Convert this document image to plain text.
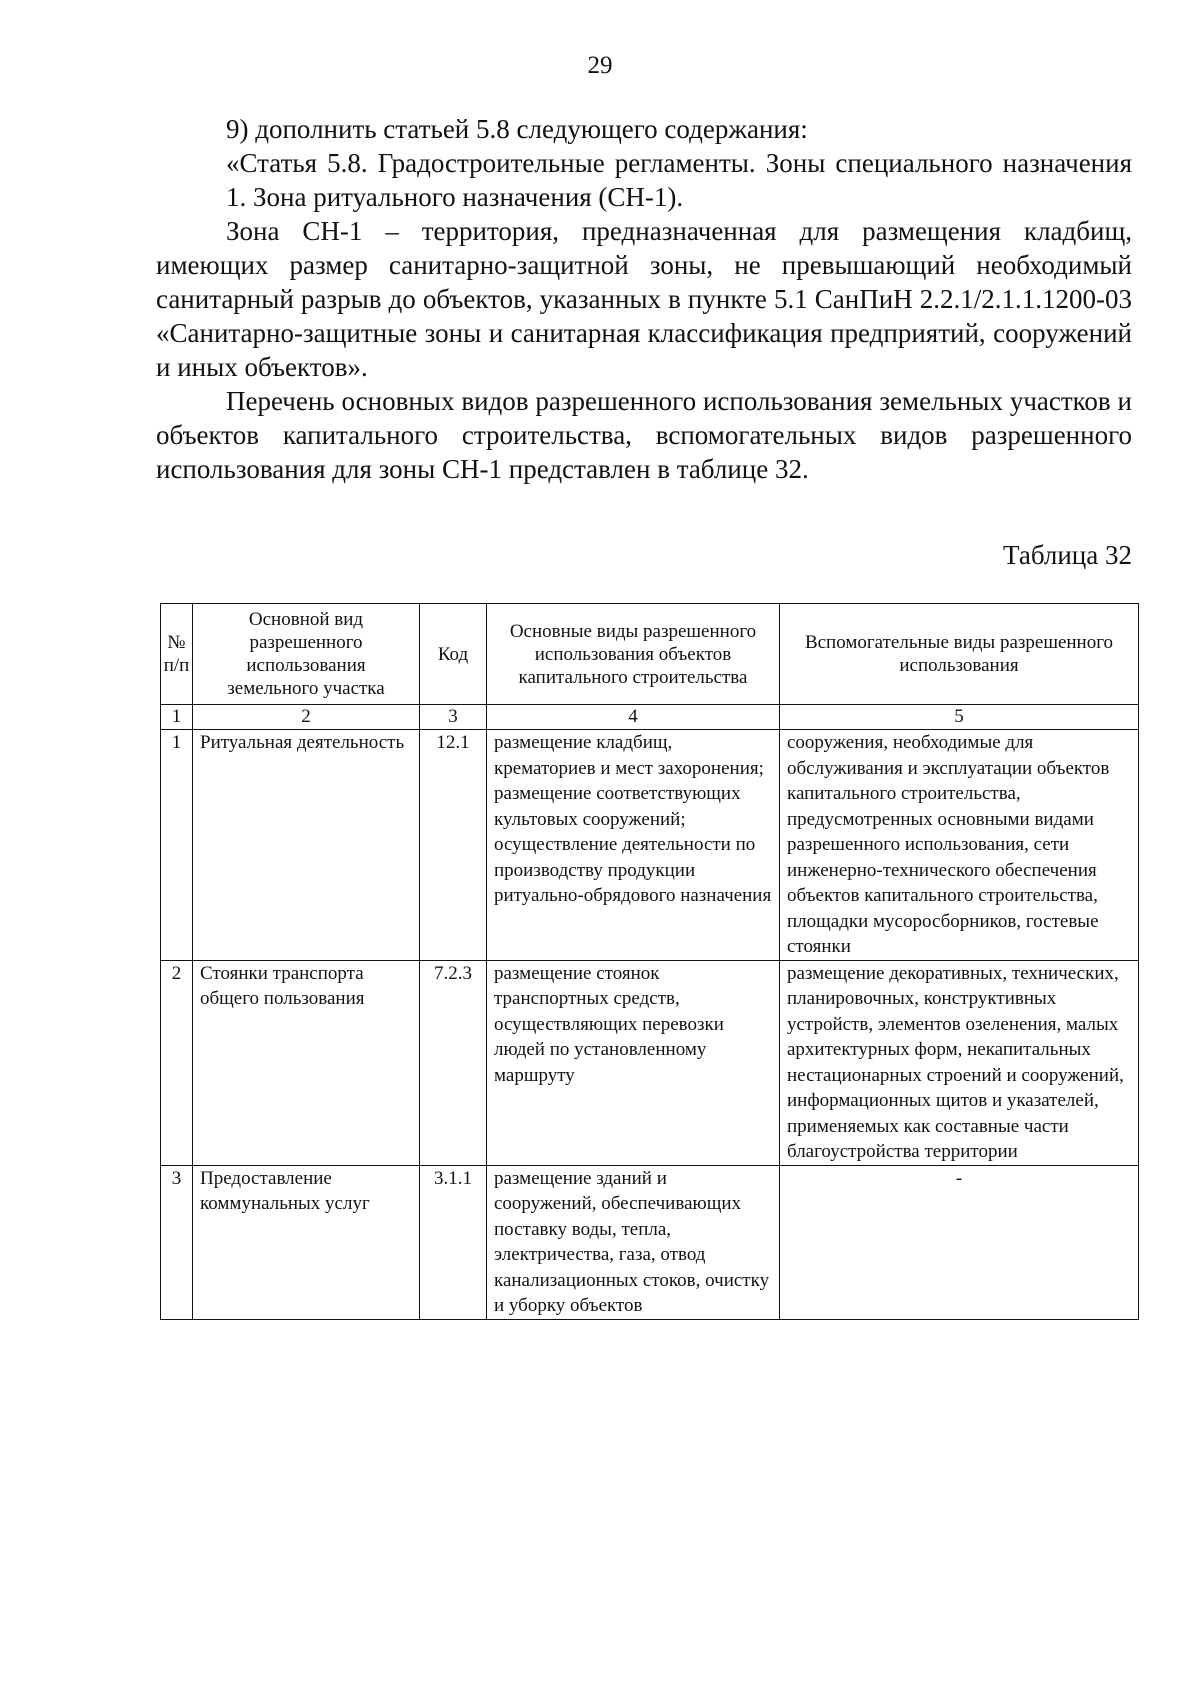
29

9) дополнить статьей 5.8 следующего содержания:

«Статья 5.8. Градостроительные регламенты. Зоны специального назначения

1. Зона ритуального назначения (СН-1).

Зона СН-1 – территория, предназначенная для размещения кладбищ, имеющих размер санитарно-защитной зоны, не превышающий необходимый санитарный разрыв до объектов, указанных в пункте 5.1 СанПиН 2.2.1/2.1.1.1200-03 «Санитарно-защитные зоны и санитарная классификация предприятий, сооружений и иных объектов».

Перечень основных видов разрешенного использования земельных участков и объектов капитального строительства, вспомогательных видов разрешенного использования для зоны СН-1 представлен в таблице 32.

Таблица 32
№ п/п	Основной вид разрешенного использования земельного участка	Код	Основные виды разрешенного использования объектов капитального строительства	Вспомогательные виды разрешенного использования
1	2	3	4	5
1	Ритуальная деятельность	12.1	размещение кладбищ, крематориев и мест захоронения; размещение соответствующих культовых сооружений; осуществление деятельности по производству продукции ритуально-обрядового назначения	сооружения, необходимые для обслуживания и эксплуатации объектов капитального строительства, предусмотренных основными видами разрешенного использования, сети инженерно-технического обеспечения объектов капитального строительства, площадки мусоросборников, гостевые стоянки
2	Стоянки транспорта общего пользования	7.2.3	размещение стоянок транспортных средств, осуществляющих перевозки людей по установленному маршруту	размещение декоративных, технических, планировочных, конструктивных устройств, элементов озеленения, малых архитектурных форм, некапитальных нестационарных строений и сооружений, информационных щитов и указателей, применяемых как составные части благоустройства территории
3	Предоставление коммунальных услуг	3.1.1	размещение зданий и сооружений, обеспечивающих поставку воды, тепла, электричества, газа, отвод канализационных стоков, очистку и уборку объектов	-
